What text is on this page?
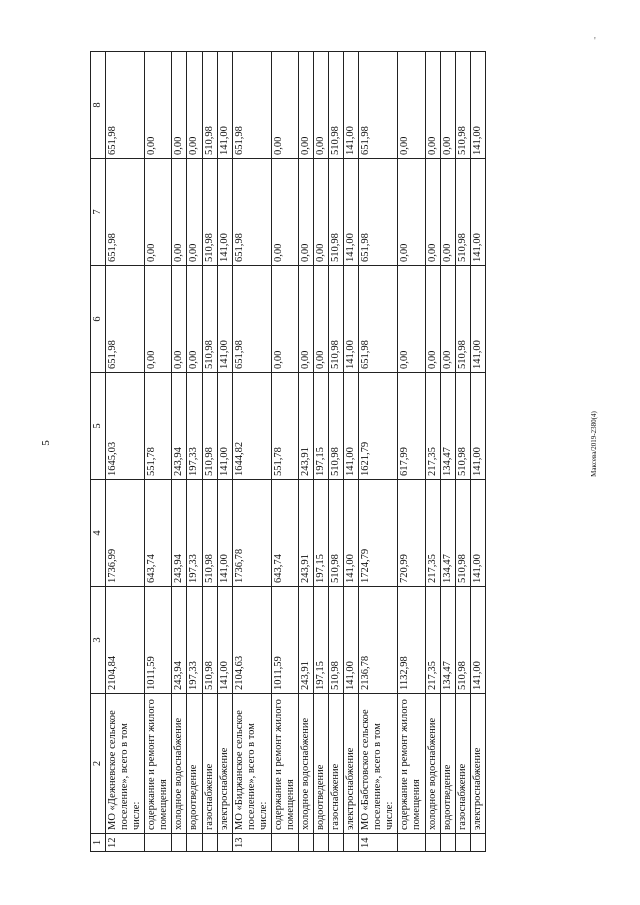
'
5	Максева/2019-2380(4)
1	2	3	4	5	6	7	8
12	МО «Дежневское сельское поселение», всего в том числе:	2104,84	1736,99	1645,03	651,98	651,98	651,98
	содержание и ремонт жилого помещения	1011,59	643,74	551,78	0,00	0,00	0,00
	холодное водоснабжение	243,94	243,94	243,94	0,00	0,00	0,00
	водоотведение	197,33	197,33	197,33	0,00	0,00	0,00
	газоснабжение	510,98	510,98	510,98	510,98	510,98	510,98
	электроснабжение	141,00	141,00	141,00	141,00	141,00	141,00
13	МО «Биджанское сельское поселение», всего в том числе:	2104,63	1736,78	1644,82	651,98	651,98	651,98
	содержание и ремонт жилого помещения	1011,59	643,74	551,78	0,00	0,00	0,00
	холодное водоснабжение	243,91	243,91	243,91	0,00	0,00	0,00
	водоотведение	197,15	197,15	197,15	0,00	0,00	0,00
	газоснабжение	510,98	510,98	510,98	510,98	510,98	510,98
	электроснабжение	141,00	141,00	141,00	141,00	141,00	141,00
14	МО «Бабстовское сельское поселение», всего в том числе:	2136,78	1724,79	1621,79	651,98	651,98	651,98
	содержание и ремонт жилого помещения	1132,98	720,99	617,99	0,00	0,00	0,00
	холодное водоснабжение	217,35	217,35	217,35	0,00	0,00	0,00
	водоотведение	134,47	134,47	134,47	0,00	0,00	0,00
	газоснабжение	510,98	510,98	510,98	510,98	510,98	510,98
	электроснабжение	141,00	141,00	141,00	141,00	141,00	141,00
